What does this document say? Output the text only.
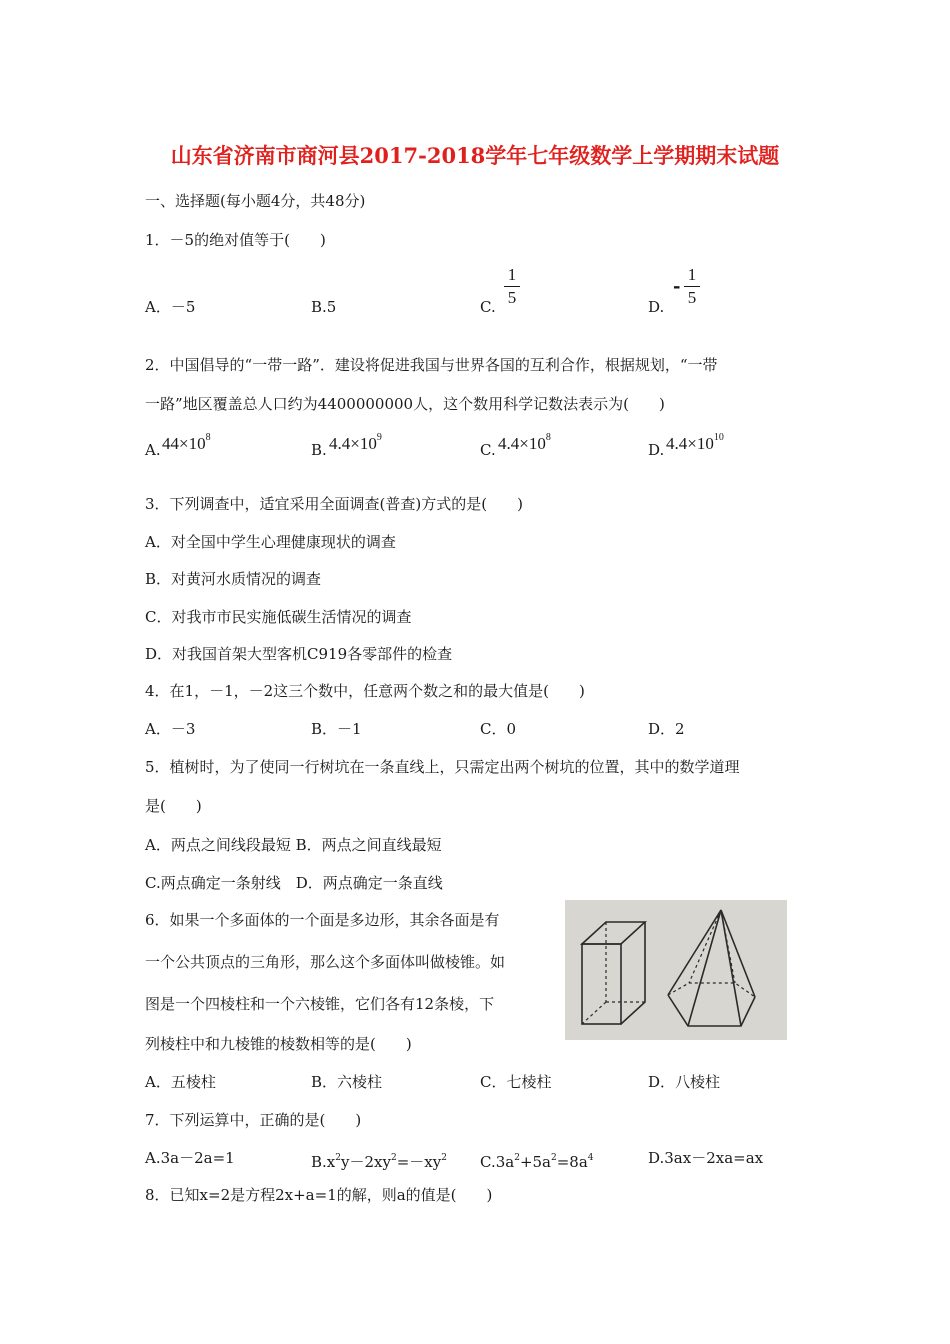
山东省济南市商河县2017-2018学年七年级数学上学期期末试题
一、选择题(每小题4分，共48分)
1．－5的绝对值等于(　　)
A．－5	B.5	C.
1
5	D.
-
1
5
2．中国倡导的“一带一路”．建设将促进我国与世界各国的互利合作，根据规划，“一带
一路”地区覆盖总人口约为4400000000人，这个数用科学记数法表示为(　　)
A. $44\times 10^8$
B. $4.4\times 10^9$
C. $4.4\times 10^8$
D. $4.4\times 10^{10}$
3．下列调查中，适宜采用全面调查(普查)方式的是(　　)
A．对全国中学生心理健康现状的调查
B．对黄河水质情况的调查
C．对我市市民实施低碳生活情况的调查
D．对我国首架大型客机C919各零部件的检查
4．在1，－1，－2这三个数中，任意两个数之和的最大值是(　　)
A．－3	B．－1	C．0	D．2
5．植树时，为了使同一行树坑在一条直线上，只需定出两个树坑的位置，其中的数学道理
是(　　)
A．两点之间线段最短 B．两点之间直线最短
C.两点确定一条射线　D．两点确定一条直线
6．如果一个多面体的一个面是多边形，其余各面是有
一个公共顶点的三角形，那么这个多面体叫做棱锥。如
图是一个四棱柱和一个六棱锥，它们各有12条棱，下
列棱柱中和九棱锥的棱数相等的是(　　)
A．五棱柱	B．六棱柱	C．七棱柱	D．八棱柱
7．下列运算中，正确的是(　　)
A.3a－2a=1	$B.x^2y-2xy^2=-xy^2$ $C.3a^2+5a^2=8a^4$	D.3ax－2xa=ax
8．已知x=2是方程2x+a=1的解，则a的值是(　　)
